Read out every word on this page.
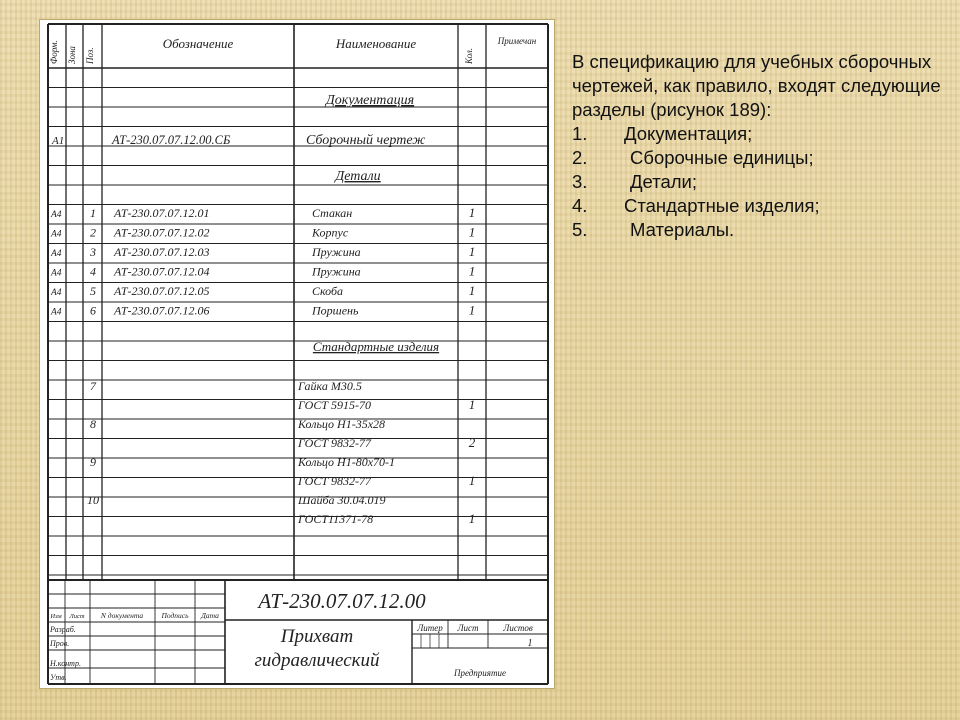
Форм. Зона Поз.
Обозначение	Наименование
Кол.
Примечан
Документация
Детали
Стандартные изделия
A1	АТ-230.07.07.12.00.СБ	Сборочный чертеж
A4 1 АТ-230.07.07.12.01	Стакан	1
A4 2 АТ-230.07.07.12.02	Корпус	1
A4 3 АТ-230.07.07.12.03	Пружина	1
A4 4 АТ-230.07.07.12.04	Пружина	1
A4 5 АТ-230.07.07.12.05	Скоба	1
A4 6 АТ-230.07.07.12.06	Поршень	1
7	Гайка М30.5
ГОСТ 5915-70	1
8	Кольцо Н1-35х28
ГОСТ 9832-77	2
9	Кольцо Н1-80х70-1
ГОСТ 9832-77	1
10	Шайба 30.04.019
ГОСТ11371-78	1
АТ-230.07.07.12.00
Изм Лист N документа Подпись Дата
Разраб.
Пров.
Н.контр.
Утв.
Прихват
гидравлический
Литер Лист	Листов
1
Предприятие

В спецификацию для учебных сборочных чертежей, как правило, входят следующие разделы (рисунок 189):

1.	Документация;
2.	Сборочные единицы;
3.	Детали;
4.	Стандартные изделия;
5.	Материалы.
